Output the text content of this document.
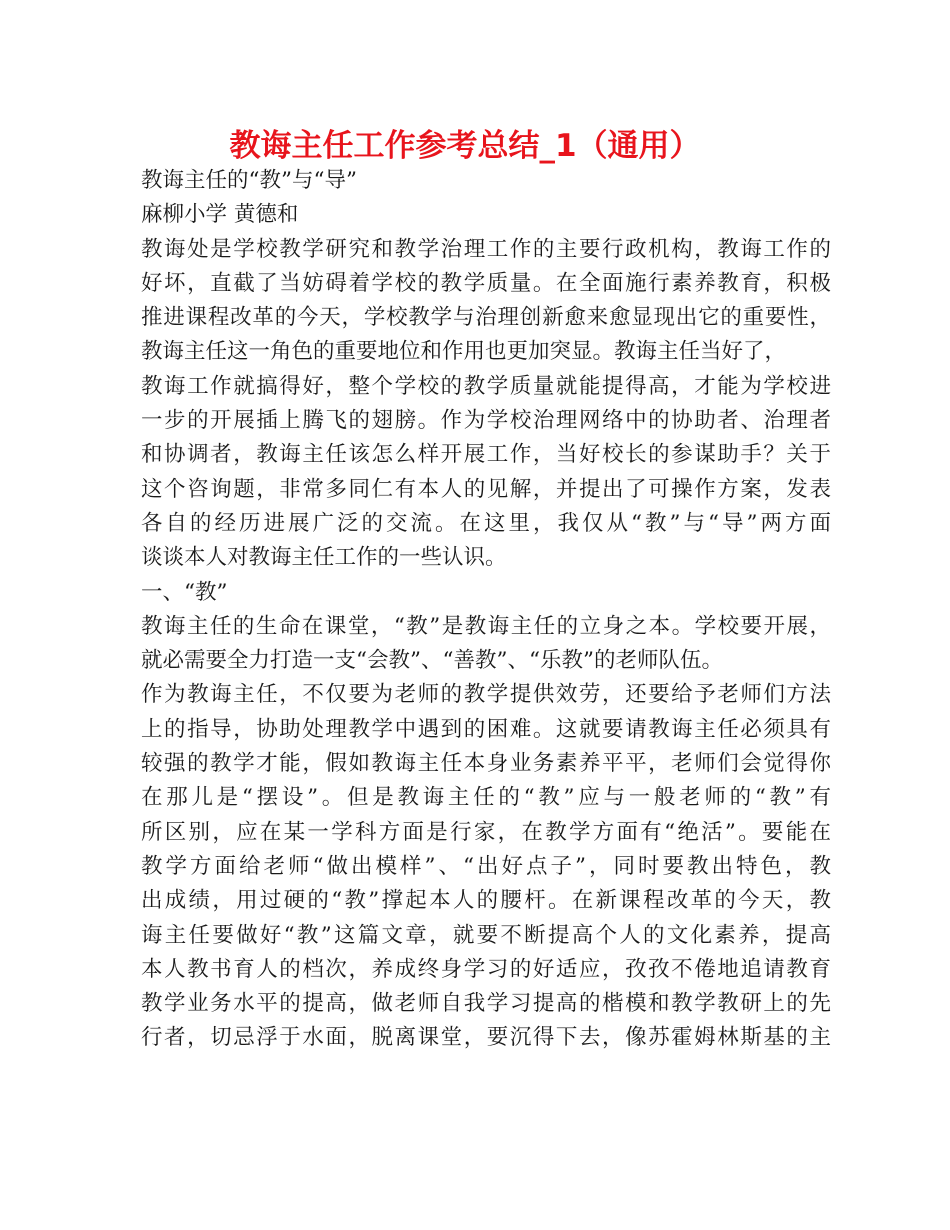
教诲主任工作参考总结_1（通用）
教诲主任的“教”与“导”
麻柳小学 黄德和
教诲处是学校教学研究和教学治理工作的主要行政机构，教诲工作的
好坏，直截了当妨碍着学校的教学质量。在全面施行素养教育，积极
推进课程改革的今天，学校教学与治理创新愈来愈显现出它的重要性，
教诲主任这一角色的重要地位和作用也更加突显。教诲主任当好了，
教诲工作就搞得好，整个学校的教学质量就能提得高，才能为学校进
一步的开展插上腾飞的翅膀。作为学校治理网络中的协助者、治理者
和协调者，教诲主任该怎么样开展工作，当好校长的参谋助手？关于
这个咨询题，非常多同仁有本人的见解，并提出了可操作方案，发表
各自的经历进展广泛的交流。在这里，我仅从“教”与“导”两方面
谈谈本人对教诲主任工作的一些认识。
一、“教”
教诲主任的生命在课堂，“教”是教诲主任的立身之本。学校要开展，
就必需要全力打造一支“会教”、“善教”、“乐教”的老师队伍。
作为教诲主任，不仅要为老师的教学提供效劳，还要给予老师们方法
上的指导，协助处理教学中遇到的困难。这就要请教诲主任必须具有
较强的教学才能，假如教诲主任本身业务素养平平，老师们会觉得你
在那儿是“摆设”。但是教诲主任的“教”应与一般老师的“教”有
所区别，应在某一学科方面是行家，在教学方面有“绝活”。要能在
教学方面给老师“做出模样”、“出好点子”，同时要教出特色，教
出成绩，用过硬的“教”撑起本人的腰杆。在新课程改革的今天，教
诲主任要做好“教”这篇文章，就要不断提高个人的文化素养，提高
本人教书育人的档次，养成终身学习的好适应，孜孜不倦地追请教育
教学业务水平的提高，做老师自我学习提高的楷模和教学教研上的先
行者，切忌浮于水面，脱离课堂，要沉得下去，像苏霍姆林斯基的主
